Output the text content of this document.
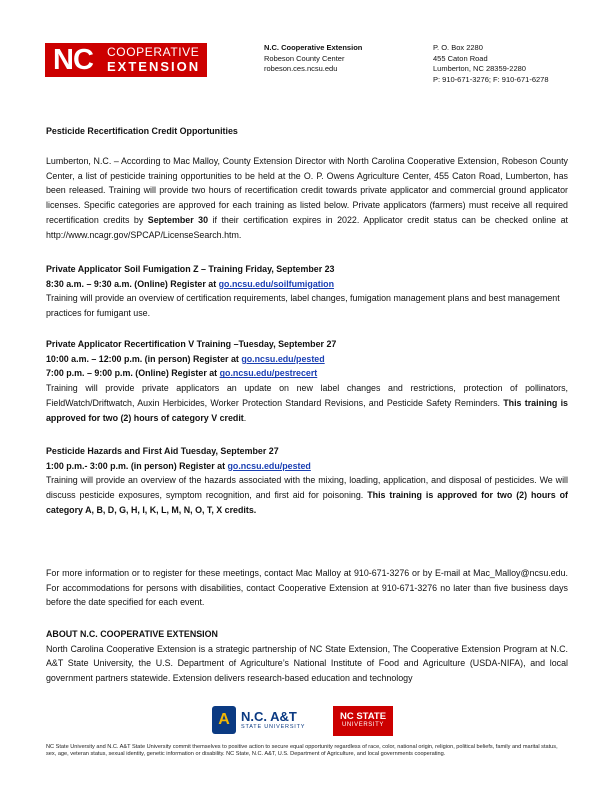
NC	COOPERATIVE
EXTENSION
N.C. Cooperative Extension
Robeson County Center
robeson.ces.ncsu.edu
P. O. Box 2280
455 Caton Road
Lumberton, NC 28359-2280
P: 910-671-3276; F: 910-671-6278
Pesticide Recertification Credit Opportunities
Lumberton, N.C. – According to Mac Malloy, County Extension Director with North Carolina Cooperative Extension, Robeson County Center, a list of pesticide training opportunities to be held at the O. P. Owens Agriculture Center, 455 Caton Road, Lumberton, has been released. Training will provide two hours of recertification credit towards private applicator and commercial ground applicator licenses. Specific categories are approved for each training as listed below. Private applicators (farmers) must receive all required recertification credits by September 30 if their certification expires in 2022. Applicator credit status can be checked online at http://www.ncagr.gov/SPCAP/LicenseSearch.htm.
Private Applicator Soil Fumigation Z – Training Friday, September 23
8:30 a.m. – 9:30 a.m. (Online) Register at go.ncsu.edu/soilfumigation
Training will provide an overview of certification requirements, label changes, fumigation management plans and best management practices for fumigant use.
Private Applicator Recertification V Training –Tuesday, September 27
10:00 a.m. – 12:00 p.m. (in person) Register at go.ncsu.edu/pested
7:00 p.m. – 9:00 p.m. (Online) Register at go.ncsu.edu/pestrecert
Training will provide private applicators an update on new label changes and restrictions, protection of pollinators, FieldWatch/Driftwatch, Auxin Herbicides, Worker Protection Standard Revisions, and Pesticide Safety Reminders. This training is approved for two (2) hours of category V credit.
Pesticide Hazards and First Aid Tuesday, September 27
1:00 p.m.- 3:00 p.m. (in person) Register at go.ncsu.edu/pested
Training will provide an overview of the hazards associated with the mixing, loading, application, and disposal of pesticides. We will discuss pesticide exposures, symptom recognition, and first aid for poisoning. This training is approved for two (2) hours of category A, B, D, G, H, I, K, L, M, N, O, T, X credits.
For more information or to register for these meetings, contact Mac Malloy at 910-671-3276 or by E-mail at Mac_Malloy@ncsu.edu. For accommodations for persons with disabilities, contact Cooperative Extension at 910-671-3276 no later than five business days before the date specified for each event.
ABOUT N.C. COOPERATIVE EXTENSION
North Carolina Cooperative Extension is a strategic partnership of NC State Extension, The Cooperative Extension Program at N.C. A&T State University, the U.S. Department of Agriculture’s National Institute of Food and Agriculture (USDA-NIFA), and local government partners statewide. Extension delivers research-based education and technology
A N.C. A&T
STATE UNIVERSITY
NC STATE
UNIVERSITY
NC State University and N.C. A&T State University commit themselves to positive action to secure equal opportunity regardless of race, color, national origin, religion, political beliefs, family and marital status, sex, age, veteran status, sexual identity, genetic information or disability. NC State, N.C. A&T, U.S. Department of Agriculture, and local governments cooperating.
